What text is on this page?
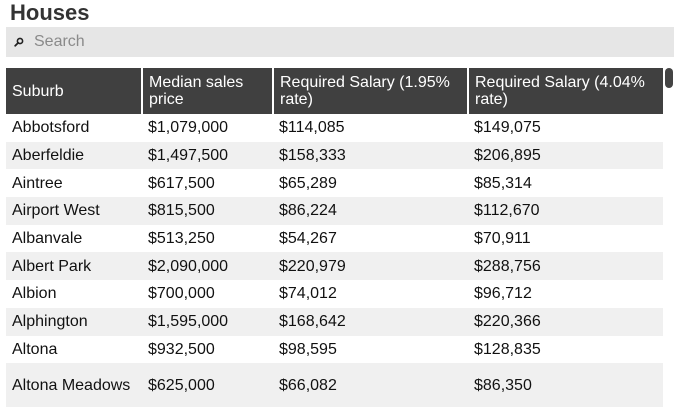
Houses
Search
Suburb	Median sales price	Required Salary (1.95% rate)	Required Salary (4.04% rate)
Abbotsford	$1,079,000	$114,085	$149,075
Aberfeldie	$1,497,500	$158,333	$206,895
Aintree	$617,500	$65,289	$85,314
Airport West	$815,500	$86,224	$112,670
Albanvale	$513,250	$54,267	$70,911
Albert Park	$2,090,000	$220,979	$288,756
Albion	$700,000	$74,012	$96,712
Alphington	$1,595,000	$168,642	$220,366
Altona	$932,500	$98,595	$128,835
Altona Meadows	$625,000	$66,082	$86,350
